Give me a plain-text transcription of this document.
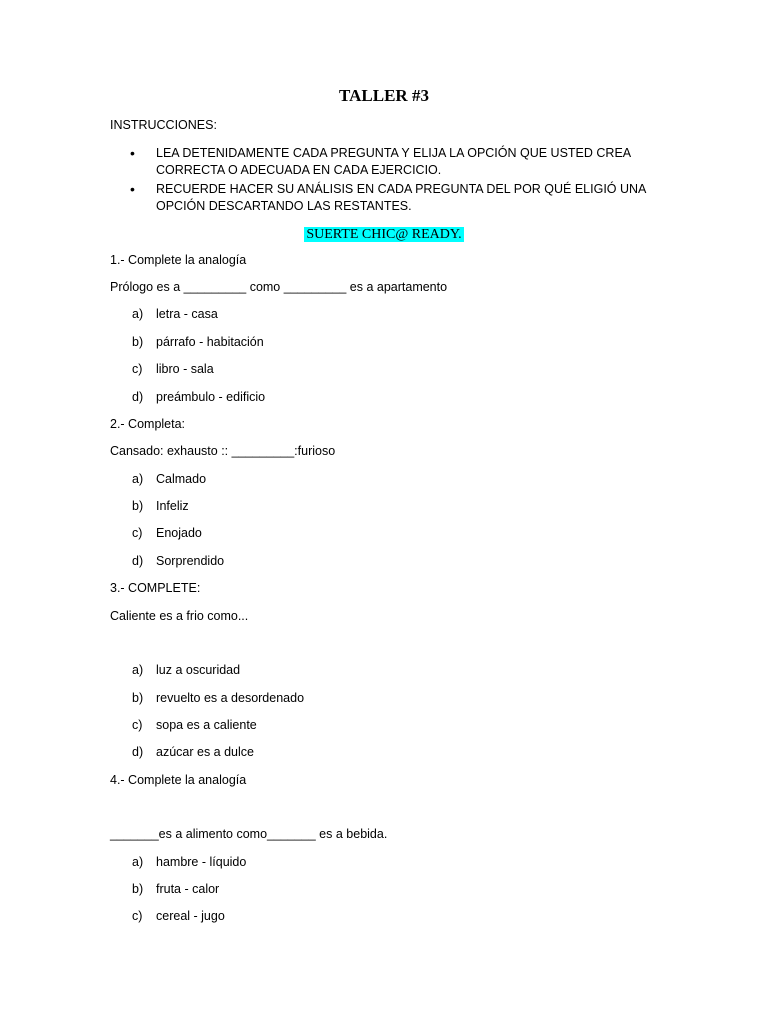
TALLER #3
INSTRUCCIONES:
• LEA DETENIDAMENTE CADA PREGUNTA Y ELIJA LA OPCIÓN QUE USTED CREA CORRECTA O ADECUADA EN CADA EJERCICIO.
• RECUERDE HACER SU ANÁLISIS EN CADA PREGUNTA DEL POR QUÉ ELIGIÓ UNA OPCIÓN DESCARTANDO LAS RESTANTES.
SUERTE CHIC@ READY.
1.- Complete la analogía
Prólogo es a _________ como _________ es a apartamento
a) letra - casa
b) párrafo - habitación
c) libro - sala
d) preámbulo - edificio
2.- Completa:
Cansado: exhausto :: _________:furioso
a) Calmado
b) Infeliz
c) Enojado
d) Sorprendido
3.- COMPLETE:
Caliente es a frio como...
a) luz a oscuridad
b) revuelto es a desordenado
c) sopa es a caliente
d) azúcar es a dulce
4.- Complete la analogía
_______es a alimento como_______ es a bebida.
a) hambre - líquido
b) fruta - calor
c) cereal - jugo
